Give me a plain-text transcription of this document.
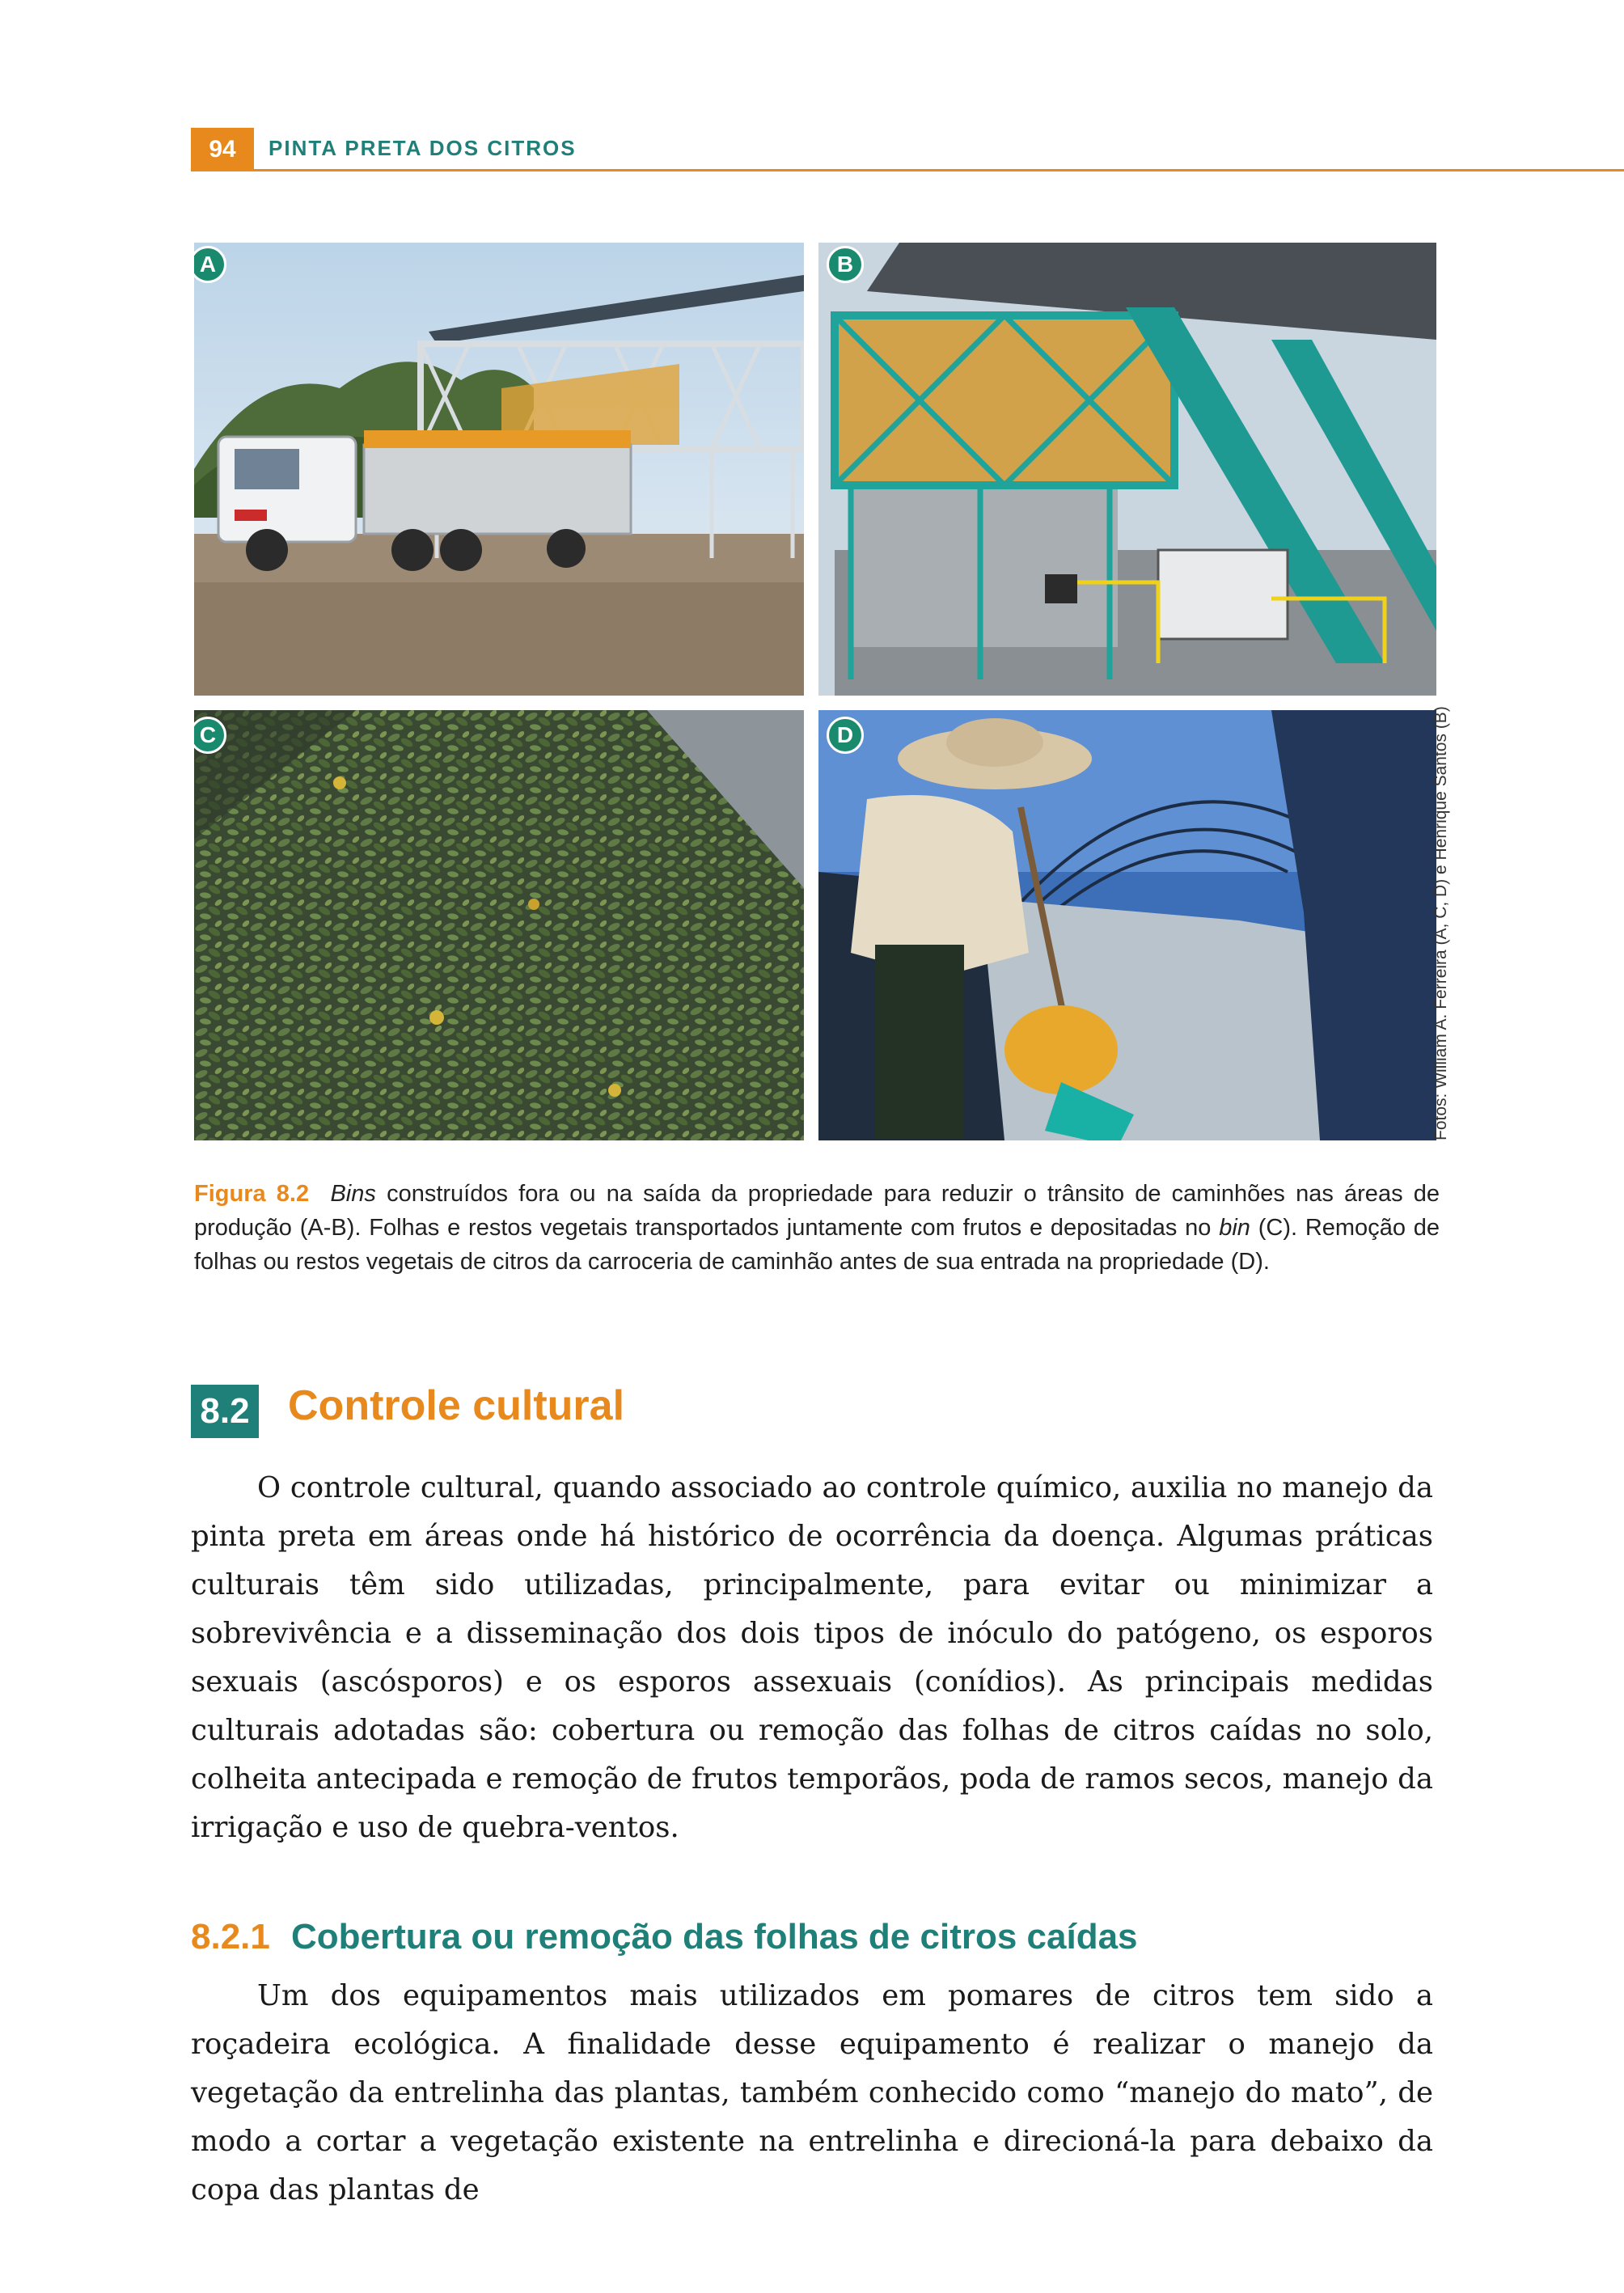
94	PINTA PRETA DOS CITROS
A	B
C	D	Fotos: William A. Ferreira (A, C, D) e Henrique Santos (B)

Figura 8.2 Bins construídos fora ou na saída da propriedade para reduzir o trânsito de caminhões nas áreas de produção (A-B). Folhas e restos vegetais transportados juntamente com frutos e depositadas no bin (C). Remoção de folhas ou restos vegetais de citros da carroceria de caminhão antes de sua entrada na propriedade (D).

8.2 Controle cultural

O controle cultural, quando associado ao controle químico, auxilia no manejo da pinta preta em áreas onde há histórico de ocorrência da doença. Algumas práticas culturais têm sido utilizadas, principalmente, para evitar ou minimizar a sobrevivência e a disseminação dos dois tipos de inóculo do patógeno, os esporos sexuais (ascósporos) e os esporos assexuais (conídios). As principais medidas culturais adotadas são: cobertura ou remoção das folhas de citros caídas no solo, colheita antecipada e remoção de frutos temporãos, poda de ramos secos, manejo da irrigação e uso de quebra-ventos.

8.2.1 Cobertura ou remoção das folhas de citros caídas

Um dos equipamentos mais utilizados em pomares de citros tem sido a roçadeira ecológica. A finalidade desse equipamento é realizar o manejo da vegetação da entrelinha das plantas, também conhecido como “manejo do mato”, de modo a cortar a vegetação existente na entrelinha e direcioná-la para debaixo da copa das plantas de
